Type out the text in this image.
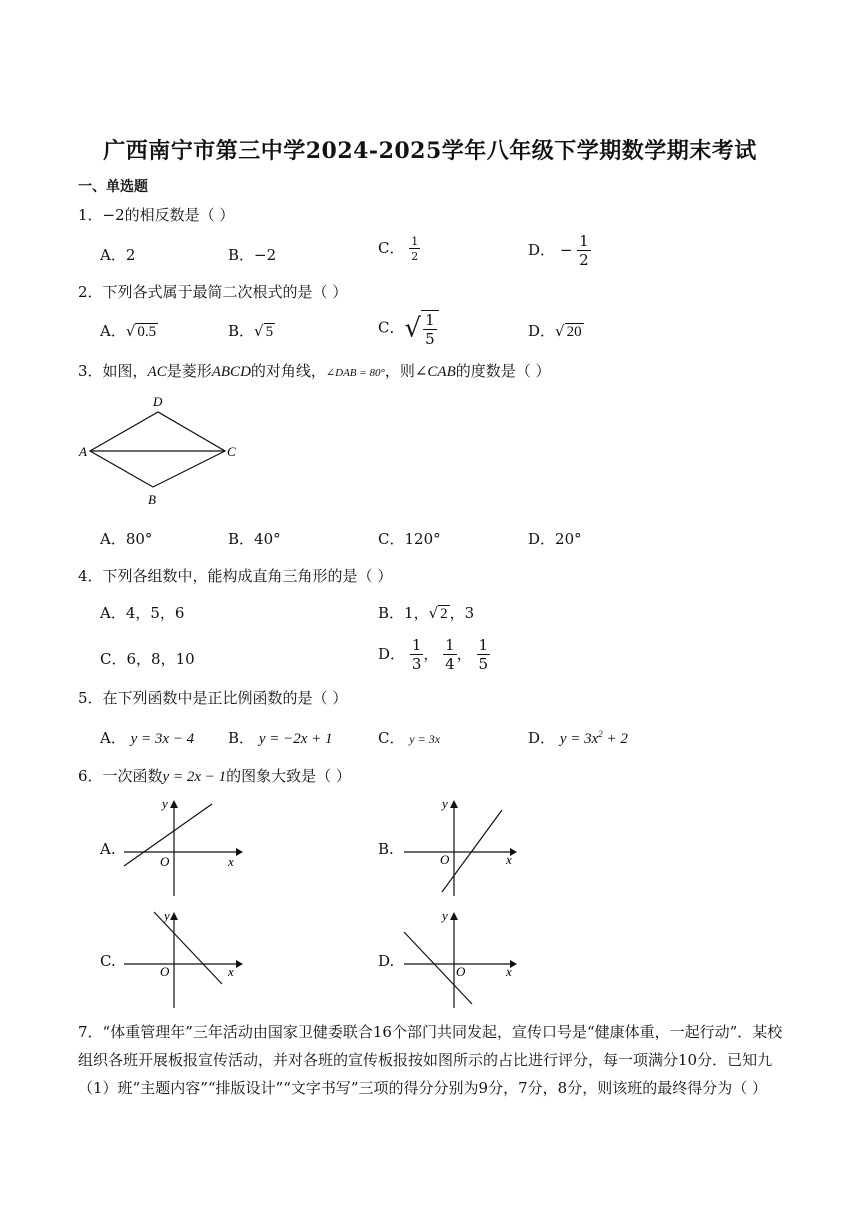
广西南宁市第三中学2024-2025学年八年级下学期数学期末考试
一、单选题
1．−2的相反数是（ ）
A．2	B．−2	C． $\frac{1}{2}$	D． − $\frac{1}{2}$
2．下列各式属于最简二次根式的是（ ）
A．√ 0.5	B．√ 5	C．√ $\frac{1}{5}$	D．√ 20
3．如图，AC是菱形ABCD的对角线，∠DAB = 80°，则∠CAB的度数是（ ）
A
D
C
B
A．80°	B．40°	C．120°	D．20°
4．下列各组数中，能构成直角三角形的是（ ）
A．4，5，6	B．1，√ 2 ，3
C．6，8，10	D． $\frac{1}{3}$ ， $\frac{1}{4}$ ， $\frac{1}{5}$
5．在下列函数中是正比例函数的是（ ）
A． y = 3x − 4 B． y = −2x + 1	C． y = 3x	D． $y = 3x^2 + 2$
6．一次函数y = 2x − 1的图象大致是（ ）
A.
x
y
O
B.
x
y
O
C.
x
y
O
D.
x
y
O
7．“体重管理年”三年活动由国家卫健委联合16个部门共同发起，宣传口号是“健康体重，一起行动”．某校组织各班开展板报宣传活动，并对各班的宣传板报按如图所示的占比进行评分，每一项满分10分．已知九（1）班“主题内容”“排版设计”“文字书写”三项的得分分别为9分，7分，8分，则该班的最终得分为（ ）
